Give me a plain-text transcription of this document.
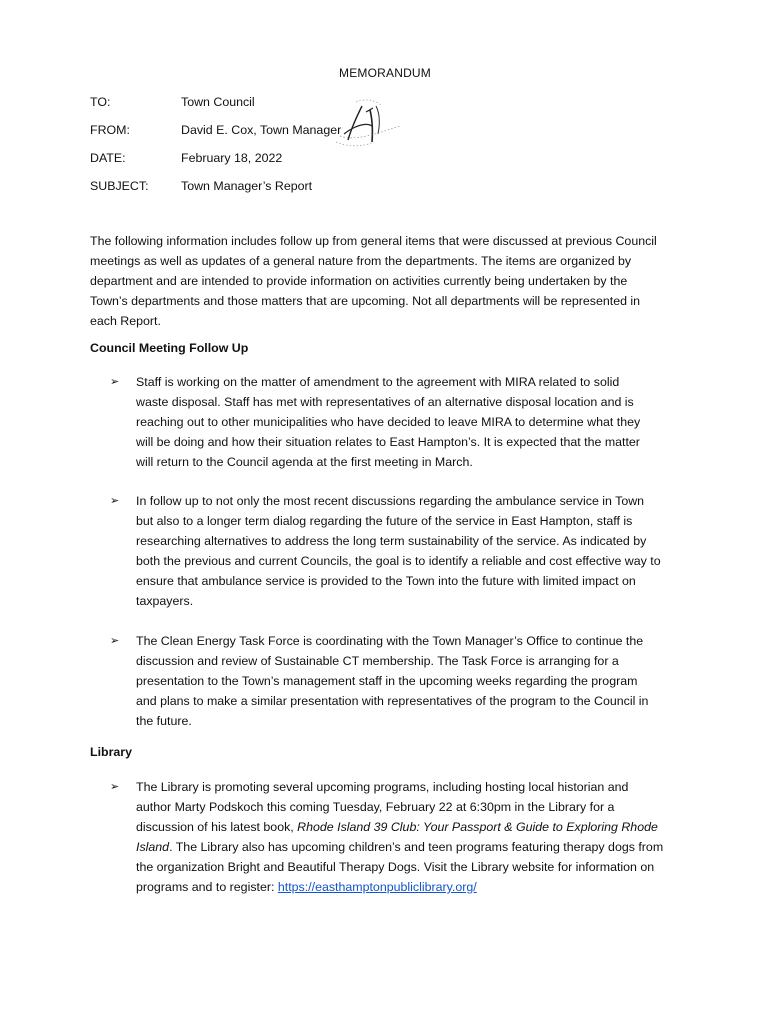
MEMORANDUM
TO:	Town Council
FROM:	David E. Cox, Town Manager
DATE:	February 18, 2022
SUBJECT:	Town Manager’s Report
The following information includes follow up from general items that were discussed at previous Council
meetings as well as updates of a general nature from the departments. The items are organized by
department and are intended to provide information on activities currently being undertaken by the
Town’s departments and those matters that are upcoming. Not all departments will be represented in
each Report.
Council Meeting Follow Up
➢	Staff is working on the matter of amendment to the agreement with MIRA related to solid
waste disposal. Staff has met with representatives of an alternative disposal location and is
reaching out to other municipalities who have decided to leave MIRA to determine what they
will be doing and how their situation relates to East Hampton’s. It is expected that the matter
will return to the Council agenda at the first meeting in March.
➢	In follow up to not only the most recent discussions regarding the ambulance service in Town
but also to a longer term dialog regarding the future of the service in East Hampton, staff is
researching alternatives to address the long term sustainability of the service. As indicated by
both the previous and current Councils, the goal is to identify a reliable and cost effective way to
ensure that ambulance service is provided to the Town into the future with limited impact on
taxpayers.
➢	The Clean Energy Task Force is coordinating with the Town Manager’s Office to continue the
discussion and review of Sustainable CT membership. The Task Force is arranging for a
presentation to the Town’s management staff in the upcoming weeks regarding the program
and plans to make a similar presentation with representatives of the program to the Council in
the future.
Library
➢	The Library is promoting several upcoming programs, including hosting local historian and
author Marty Podskoch this coming Tuesday, February 22 at 6:30pm in the Library for a
discussion of his latest book, Rhode Island 39 Club: Your Passport & Guide to Exploring Rhode
Island. The Library also has upcoming children’s and teen programs featuring therapy dogs from
the organization Bright and Beautiful Therapy Dogs. Visit the Library website for information on
programs and to register: https://easthamptonpubliclibrary.org/
